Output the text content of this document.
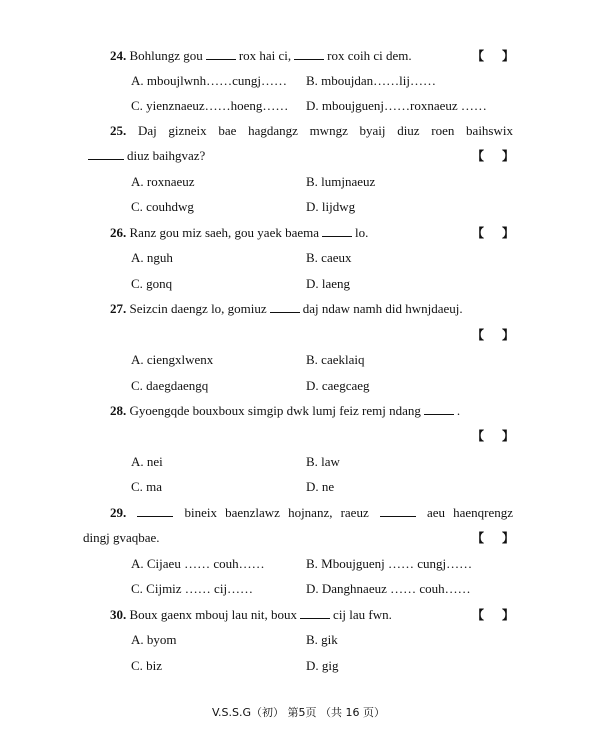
24. Bohlungz gou	rox hai ci,	rox coih ci dem.	【 】
A. mboujlwnh……cungj…… B. mboujdan……lij……
C. yienznaeuz……hoeng…… D. mboujguenj……roxnaeuz ……
25. Daj gizneix bae hagdangz mwngz byaij diuz roen baihswix
diuz baihgvaz?	【 】
A. roxnaeuz	B. lumjnaeuz
C. couhdwg	D. lijdwg
26. Ranz gou miz saeh, gou yaek baema	lo.	【 】
A. nguh	B. caeux
C. gonq	D. laeng
27. Seizcin daengz lo, gomiuz	daj ndaw namh did hwnjdaeuj.
【 】
A. ciengxlwenx	B. caeklaiq
C. daegdaengq	D. caegcaeg
28. Gyoengqde bouxboux simgip dwk lumj feiz remj ndang	.
【 】
A. nei	B. law
C. ma	D. ne
29.	bineix baenzlawz hojnanz, raeuz	aeu haenqrengz
dingj gvaqbae.	【 】
A. Cijaeu …… couh……	B. Mboujguenj …… cungj……
C. Cijmiz …… cij……	D. Danghnaeuz …… couh……
30. Boux gaenx mbouj lau nit, boux	cij lau fwn.	【 】
A. byom	B. gik
C. biz	D. gig
V.S.S.G（初） 第5页 （共 16 页）
